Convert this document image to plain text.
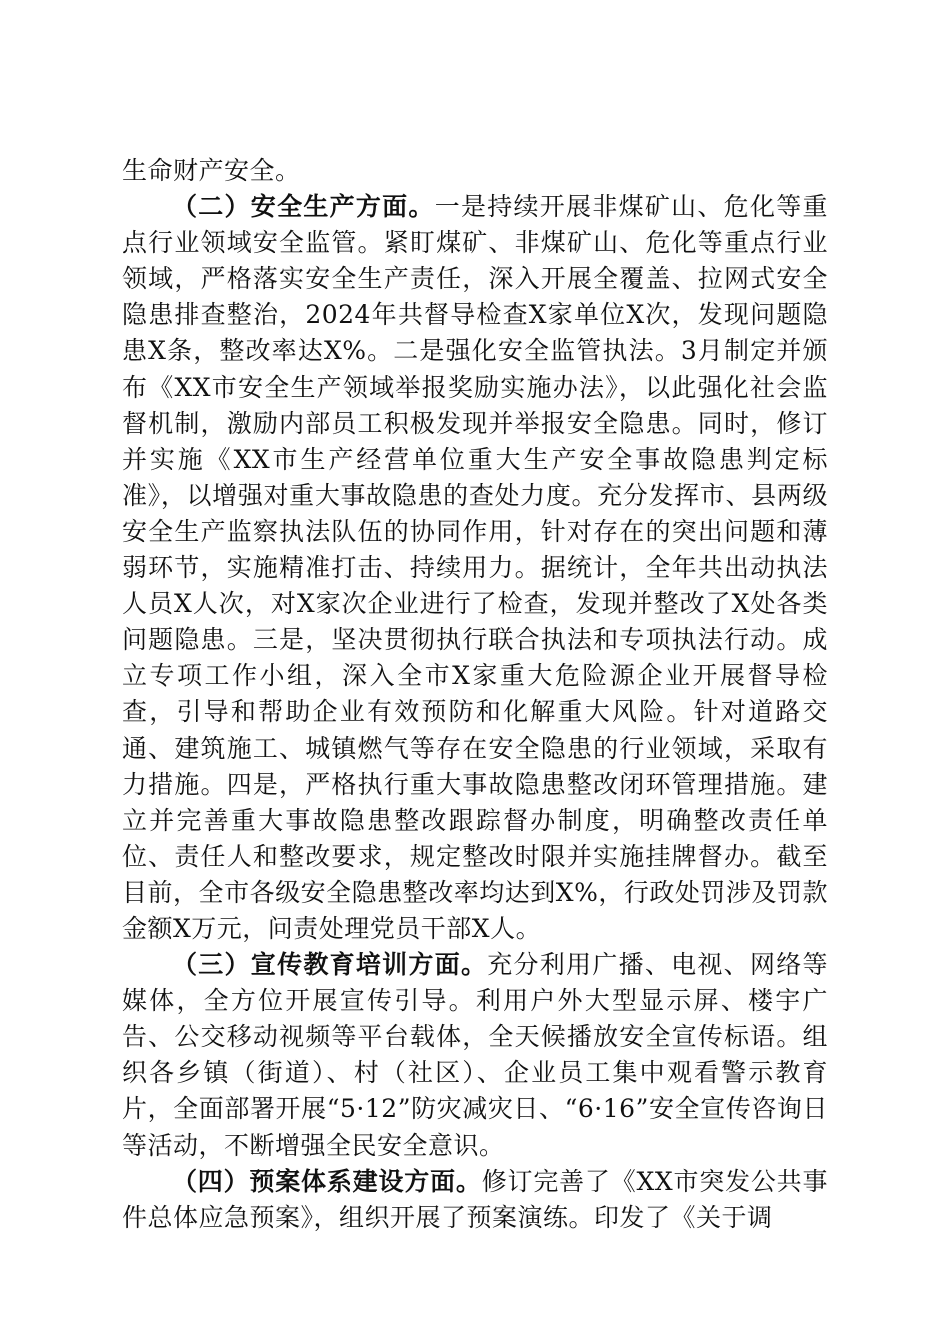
生命财产安全。

（二）安全生产方面。一是持续开展非煤矿山、危化等重点行业领域安全监管。紧盯煤矿、非煤矿山、危化等重点行业领域，严格落实安全生产责任，深入开展全覆盖、拉网式安全隐患排查整治，2024年共督导检查X家单位X次，发现问题隐患X条，整改率达X%。二是强化安全监管执法。3月制定并颁布《XX市安全生产领域举报奖励实施办法》，以此强化社会监督机制，激励内部员工积极发现并举报安全隐患。同时，修订并实施《XX市生产经营单位重大生产安全事故隐患判定标准》，以增强对重大事故隐患的查处力度。充分发挥市、县两级安全生产监察执法队伍的协同作用，针对存在的突出问题和薄弱环节，实施精准打击、持续用力。据统计，全年共出动执法人员X人次，对X家次企业进行了检查，发现并整改了X处各类问题隐患。三是，坚决贯彻执行联合执法和专项执法行动。成立专项工作小组，深入全市X家重大危险源企业开展督导检查，引导和帮助企业有效预防和化解重大风险。针对道路交通、建筑施工、城镇燃气等存在安全隐患的行业领域，采取有力措施。四是，严格执行重大事故隐患整改闭环管理措施。建立并完善重大事故隐患整改跟踪督办制度，明确整改责任单位、责任人和整改要求，规定整改时限并实施挂牌督办。截至目前，全市各级安全隐患整改率均达到X%，行政处罚涉及罚款金额X万元，问责处理党员干部X人。

（三）宣传教育培训方面。充分利用广播、电视、网络等媒体，全方位开展宣传引导。利用户外大型显示屏、楼宇广告、公交移动视频等平台载体，全天候播放安全宣传标语。组织各乡镇（街道）、村（社区）、企业员工集中观看警示教育片，全面部署开展“5·12”防灾减灾日、“6·16”安全宣传咨询日等活动，不断增强全民安全意识。

（四）预案体系建设方面。修订完善了《XX市突发公共事件总体应急预案》，组织开展了预案演练。印发了《关于调
